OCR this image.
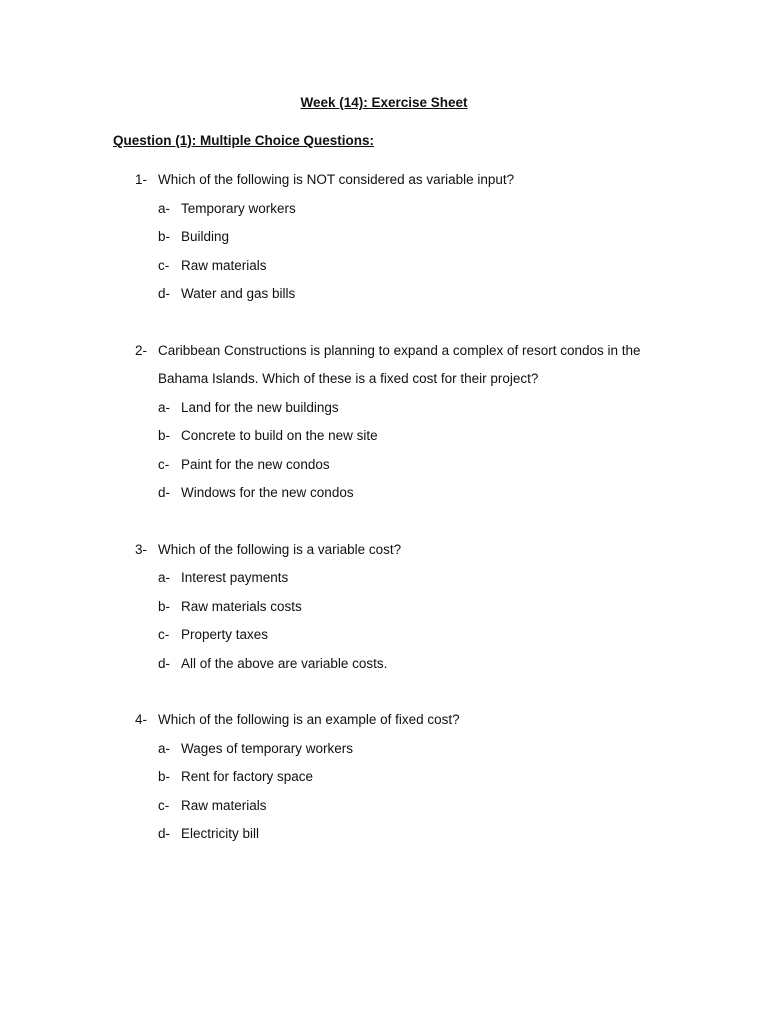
Week (14): Exercise Sheet
Question (1): Multiple Choice Questions:
1- Which of the following is NOT considered as variable input?
a- Temporary workers
b- Building
c- Raw materials
d- Water and gas bills
2- Caribbean Constructions is planning to expand a complex of resort condos in the Bahama Islands. Which of these is a fixed cost for their project?
a- Land for the new buildings
b- Concrete to build on the new site
c- Paint for the new condos
d- Windows for the new condos
3- Which of the following is a variable cost?
a- Interest payments
b- Raw materials costs
c- Property taxes
d- All of the above are variable costs.
4- Which of the following is an example of fixed cost?
a- Wages of temporary workers
b- Rent for factory space
c- Raw materials
d- Electricity bill
